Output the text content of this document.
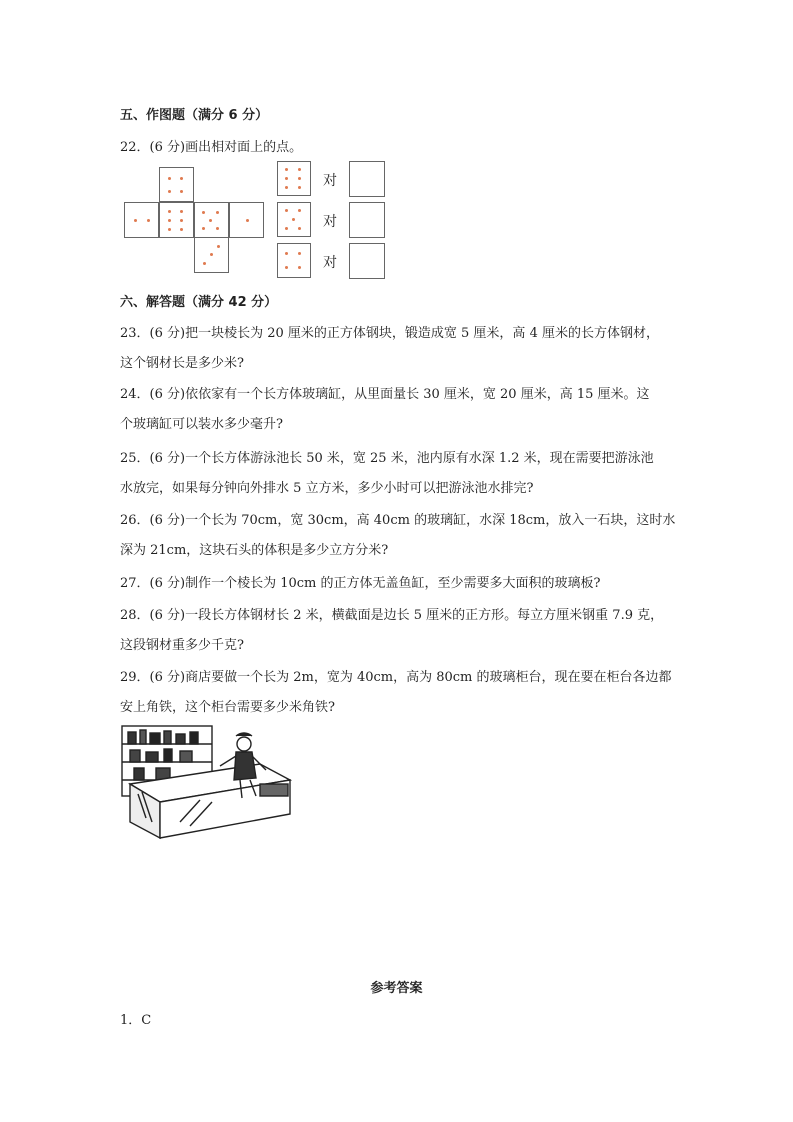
五、作图题（满分 6 分）
22．(6 分)画出相对面上的点。
对
对
对
六、解答题（满分 42 分）
23．(6 分)把一块棱长为 20 厘米的正方体钢块，锻造成宽 5 厘米，高 4 厘米的长方体钢材，
这个钢材长是多少米?
24．(6 分)依依家有一个长方体玻璃缸，从里面量长 30 厘米，宽 20 厘米，高 15 厘米。这
个玻璃缸可以装水多少毫升?
25．(6 分)一个长方体游泳池长 50 米，宽 25 米，池内原有水深 1.2 米，现在需要把游泳池
水放完，如果每分钟向外排水 5 立方米，多少小时可以把游泳池水排完?
26．(6 分)一个长为 70cm，宽 30cm，高 40cm 的玻璃缸，水深 18cm，放入一石块，这时水
深为 21cm，这块石头的体积是多少立方分米?
27．(6 分)制作一个棱长为 10cm 的正方体无盖鱼缸，至少需要多大面积的玻璃板?
28．(6 分)一段长方体钢材长 2 米，横截面是边长 5 厘米的正方形。每立方厘米钢重 7.9 克，
这段钢材重多少千克?
29．(6 分)商店要做一个长为 2m，宽为 40cm，高为 80cm 的玻璃柜台，现在要在柜台各边都
安上角铁，这个柜台需要多少米角铁?
参考答案
1．C
